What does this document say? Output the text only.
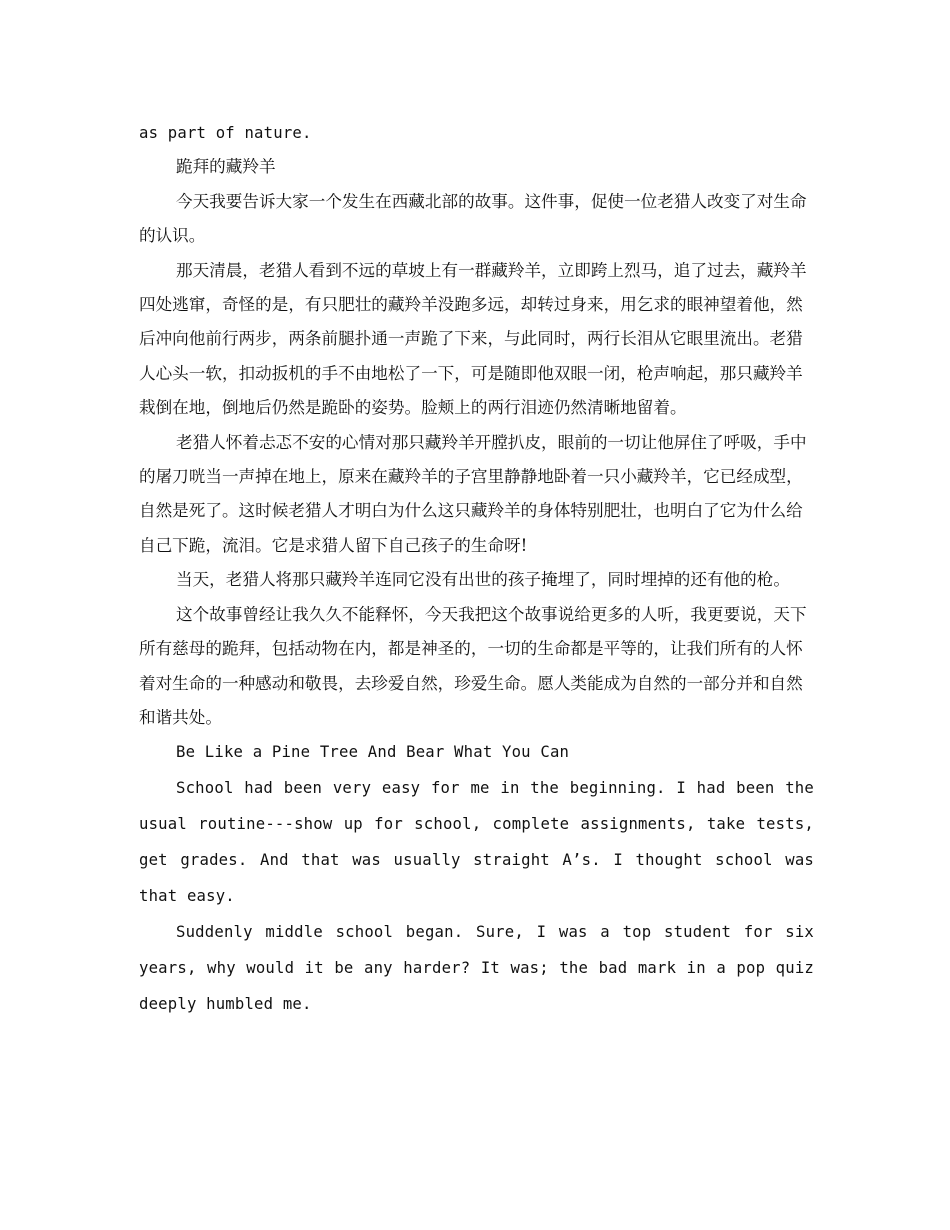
as part of nature.

跪拜的藏羚羊

今天我要告诉大家一个发生在西藏北部的故事。这件事，促使一位老猎人改变了对生命的认识。

那天清晨，老猎人看到不远的草坡上有一群藏羚羊，立即跨上烈马，追了过去，藏羚羊四处逃窜，奇怪的是，有只肥壮的藏羚羊没跑多远，却转过身来，用乞求的眼神望着他，然后冲向他前行两步，两条前腿扑通一声跪了下来，与此同时，两行长泪从它眼里流出。老猎人心头一软，扣动扳机的手不由地松了一下，可是随即他双眼一闭，枪声响起，那只藏羚羊栽倒在地，倒地后仍然是跪卧的姿势。脸颊上的两行泪迹仍然清晰地留着。

老猎人怀着忐忑不安的心情对那只藏羚羊开膛扒皮，眼前的一切让他屏住了呼吸，手中的屠刀咣当一声掉在地上，原来在藏羚羊的子宫里静静地卧着一只小藏羚羊，它已经成型，自然是死了。这时候老猎人才明白为什么这只藏羚羊的身体特别肥壮，也明白了它为什么给自己下跪，流泪。它是求猎人留下自己孩子的生命呀!

当天，老猎人将那只藏羚羊连同它没有出世的孩子掩埋了，同时埋掉的还有他的枪。

这个故事曾经让我久久不能释怀，今天我把这个故事说给更多的人听，我更要说，天下所有慈母的跪拜，包括动物在内，都是神圣的，一切的生命都是平等的，让我们所有的人怀着对生命的一种感动和敬畏，去珍爱自然，珍爱生命。愿人类能成为自然的一部分并和自然和谐共处。

Be Like a Pine Tree And Bear What You Can

School had been very easy for me in the beginning. I had been the usual routine---show up for school, complete assignments, take tests, get grades. And that was usually straight A’s. I thought school was that easy.

Suddenly middle school began. Sure, I was a top student for six years, why would it be any harder? It was; the bad mark in a pop quiz deeply humbled me.
